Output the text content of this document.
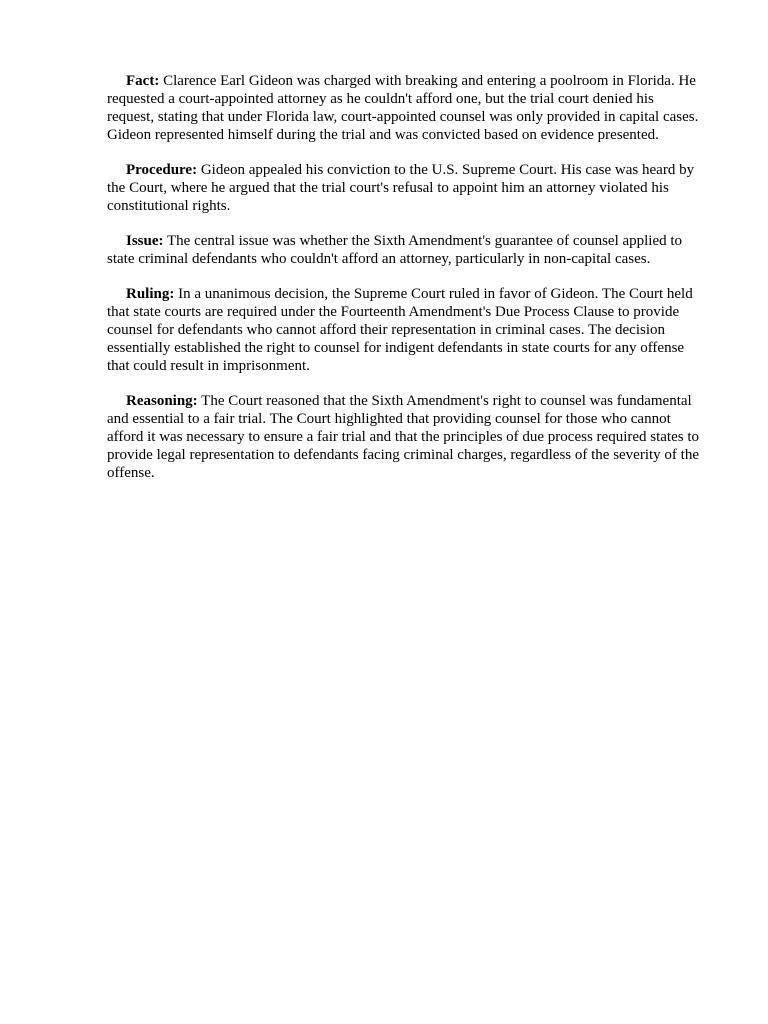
Fact: Clarence Earl Gideon was charged with breaking and entering a poolroom in Florida. He requested a court-appointed attorney as he couldn't afford one, but the trial court denied his request, stating that under Florida law, court-appointed counsel was only provided in capital cases. Gideon represented himself during the trial and was convicted based on evidence presented.

Procedure: Gideon appealed his conviction to the U.S. Supreme Court. His case was heard by the Court, where he argued that the trial court's refusal to appoint him an attorney violated his constitutional rights.

Issue: The central issue was whether the Sixth Amendment's guarantee of counsel applied to state criminal defendants who couldn't afford an attorney, particularly in non-capital cases.

Ruling: In a unanimous decision, the Supreme Court ruled in favor of Gideon. The Court held that state courts are required under the Fourteenth Amendment's Due Process Clause to provide counsel for defendants who cannot afford their representation in criminal cases. The decision essentially established the right to counsel for indigent defendants in state courts for any offense that could result in imprisonment.

Reasoning: The Court reasoned that the Sixth Amendment's right to counsel was fundamental and essential to a fair trial. The Court highlighted that providing counsel for those who cannot afford it was necessary to ensure a fair trial and that the principles of due process required states to provide legal representation to defendants facing criminal charges, regardless of the severity of the offense.
